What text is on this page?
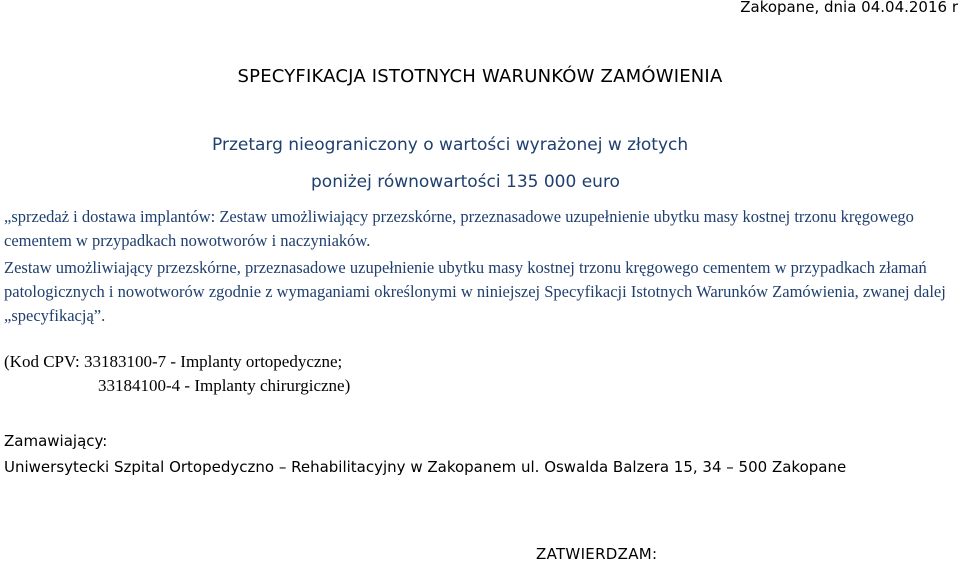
Zakopane, dnia 04.04.2016 r
SPECYFIKACJA ISTOTNYCH WARUNKÓW ZAMÓWIENIA
Przetarg nieograniczony o wartości wyrażonej w złotych
poniżej równowartości 135 000 euro
„sprzedaż i dostawa implantów: Zestaw umożliwiający przezskórne, przeznasadowe uzupełnienie ubytku masy kostnej trzonu kręgowego cementem w przypadkach nowotworów i naczyniaków.
Zestaw umożliwiający przezskórne, przeznasadowe uzupełnienie ubytku masy kostnej trzonu kręgowego cementem w przypadkach złamań patologicznych i nowotworów zgodnie z wymaganiami określonymi w niniejszej Specyfikacji Istotnych Warunków Zamówienia, zwanej dalej „specyfikacją”.
(Kod CPV: 33183100-7 - Implanty ortopedyczne;
33184100-4 - Implanty chirurgiczne)
Zamawiający:
Uniwersytecki Szpital Ortopedyczno – Rehabilitacyjny w Zakopanem ul. Oswalda Balzera 15, 34 – 500 Zakopane
ZATWIERDZAM:
